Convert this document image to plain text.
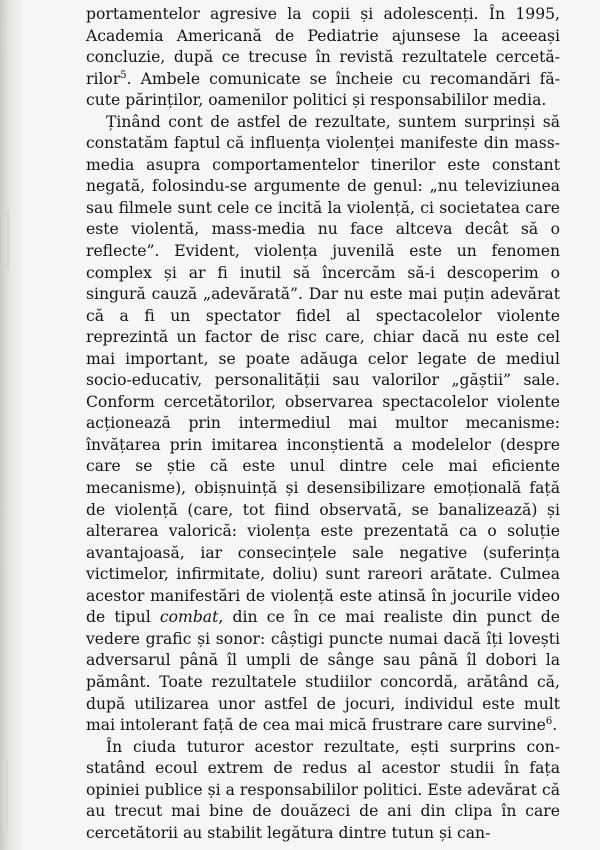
portamentelor agresive la copii și adolescenți. În 1995, Academia Americană de Pediatrie ajunsese la aceeași concluzie, după ce trecuse în revistă rezultatele cercetărilor$^5$. Ambele comunicate se încheie cu recomandări făcute părinților, oamenilor politici și responsabililor media.

Ținând cont de astfel de rezultate, suntem surprinși să constatăm faptul că influența violenței manifeste din mass-media asupra comportamentelor tinerilor este constant negată, folosindu-se argumente de genul: „nu televiziunea sau filmele sunt cele ce incită la violență, ci societatea care este violentă, mass-media nu face altceva decât să o reflecte”. Evident, violența juvenilă este un fenomen complex și ar fi inutil să încercăm să-i descoperim o singură cauză „adevărată”. Dar nu este mai puțin adevărat că a fi un spectator fidel al spectacolelor violente reprezintă un factor de risc care, chiar dacă nu este cel mai important, se poate adăuga celor legate de mediul socio-educativ, personalității sau valorilor „găștii” sale. Conform cercetătorilor, observarea spectacolelor violente acționează prin intermediul mai multor mecanisme: învățarea prin imitarea inconștientă a modelelor (despre care se știe că este unul dintre cele mai eficiente mecanisme), obișnuință și desensibilizare emoțională față de violență (care, tot fiind observată, se banalizează) și alterarea valorică: violența este prezentată ca o soluție avantajoasă, iar consecințele sale negative (suferința victimelor, infirmitate, doliu) sunt rareori arătate. Culmea acestor manifestări de violență este atinsă în jocurile video de tipul combat, din ce în ce mai realiste din punct de vedere grafic și sonor: câștigi puncte numai dacă îți lovești adversarul până îl umpli de sânge sau până îl dobori la pământ. Toate rezultatele studiilor concordă, arătând că, după utilizarea unor astfel de jocuri, individul este mult mai intolerant față de cea mai mică frustrare care survine$^6$.

În ciuda tuturor acestor rezultate, ești surprins constatând ecoul extrem de redus al acestor studii în fața opiniei publice și a responsabililor politici. Este adevărat că au trecut mai bine de douăzeci de ani din clipa în care cercetătorii au stabilit legătura dintre tutun și can-
